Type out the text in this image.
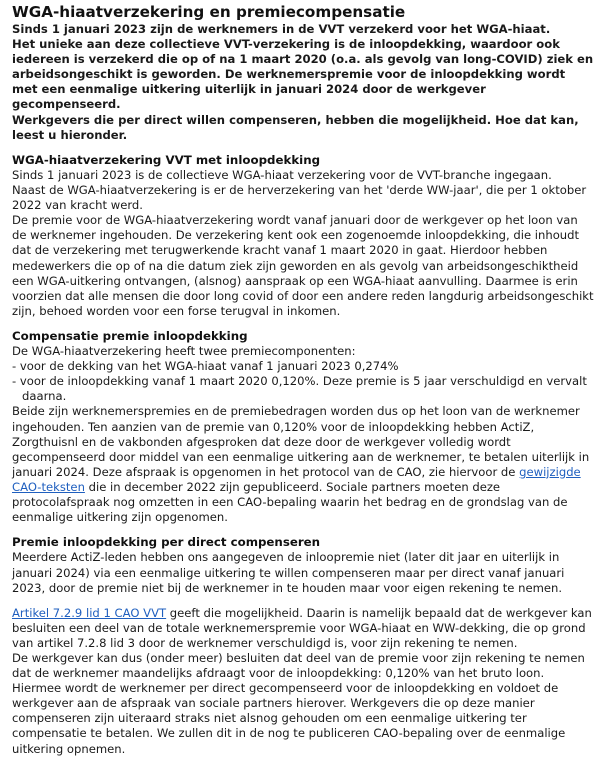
WGA-hiaatverzekering en premiecompensatie

Sinds 1 januari 2023 zijn de werknemers in de VVT verzekerd voor het WGA-hiaat.

Het unieke aan deze collectieve VVT-verzekering is de inloopdekking, waardoor ook iedereen is verzekerd die op of na 1 maart 2020 (o.a. als gevolg van long-COVID) ziek en arbeidsongeschikt is geworden. De werknemerspremie voor de inloopdekking wordt met een eenmalige uitkering uiterlijk in januari 2024 door de werkgever gecompenseerd.

Werkgevers die per direct willen compenseren, hebben die mogelijkheid. Hoe dat kan, leest u hieronder.

WGA-hiaatverzekering VVT met inloopdekking

Sinds 1 januari 2023 is de collectieve WGA-hiaat verzekering voor de VVT-branche ingegaan.

Naast de WGA-hiaatverzekering is er de herverzekering van het 'derde WW-jaar', die per 1 oktober 2022 van kracht werd.

De premie voor de WGA-hiaatverzekering wordt vanaf januari door de werkgever op het loon van de werknemer ingehouden. De verzekering kent ook een zogenoemde inloopdekking, die inhoudt dat de verzekering met terugwerkende kracht vanaf 1 maart 2020 in gaat. Hierdoor hebben medewerkers die op of na die datum ziek zijn geworden en als gevolg van arbeidsongeschiktheid een WGA-uitkering ontvangen, (alsnog) aanspraak op een WGA-hiaat aanvulling. Daarmee is erin voorzien dat alle mensen die door long covid of door een andere reden langdurig arbeidsongeschikt zijn, behoed worden voor een forse terugval in inkomen.

Compensatie premie inloopdekking

De WGA-hiaatverzekering heeft twee premiecomponenten:

- voor de dekking van het WGA-hiaat vanaf 1 januari 2023 0,274%
- voor de inloopdekking vanaf 1 maart 2020 0,120%. Deze premie is 5 jaar verschuldigd en vervalt daarna.

Beide zijn werknemerspremies en de premiebedragen worden dus op het loon van de werknemer ingehouden. Ten aanzien van de premie van 0,120% voor de inloopdekking hebben ActiZ, Zorgthuisnl en de vakbonden afgesproken dat deze door de werkgever volledig wordt gecompenseerd door middel van een eenmalige uitkering aan de werknemer, te betalen uiterlijk in januari 2024. Deze afspraak is opgenomen in het protocol van de CAO, zie hiervoor de gewijzigde CAO-teksten die in december 2022 zijn gepubliceerd. Sociale partners moeten deze protocolafspraak nog omzetten in een CAO-bepaling waarin het bedrag en de grondslag van de eenmalige uitkering zijn opgenomen.

Premie inloopdekking per direct compenseren

Meerdere ActiZ-leden hebben ons aangegeven de inloopremie niet (later dit jaar en uiterlijk in januari 2024) via een eenmalige uitkering te willen compenseren maar per direct vanaf januari 2023, door de premie niet bij de werknemer in te houden maar voor eigen rekening te nemen.

Artikel 7.2.9 lid 1 CAO VVT geeft die mogelijkheid. Daarin is namelijk bepaald dat de werkgever kan besluiten een deel van de totale werknemerspremie voor WGA-hiaat en WW-dekking, die op grond van artikel 7.2.8 lid 3 door de werknemer verschuldigd is, voor zijn rekening te nemen.

De werkgever kan dus (onder meer) besluiten dat deel van de premie voor zijn rekening te nemen dat de werknemer maandelijks afdraagt voor de inloopdekking: 0,120% van het bruto loon. Hiermee wordt de werknemer per direct gecompenseerd voor de inloopdekking en voldoet de werkgever aan de afspraak van sociale partners hierover. Werkgevers die op deze manier compenseren zijn uiteraard straks niet alsnog gehouden om een eenmalige uitkering ter compensatie te betalen. We zullen dit in de nog te publiceren CAO-bepaling over de eenmalige uitkering opnemen.
